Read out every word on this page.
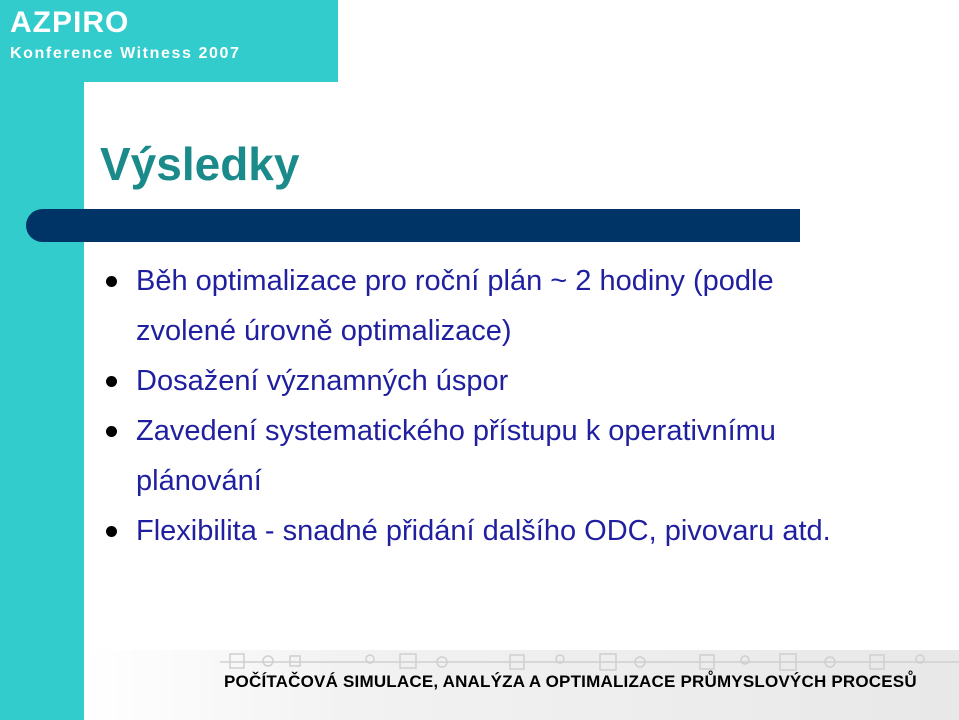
AZPIRO
Konference Witness 2007
Výsledky
Běh optimalizace pro roční plán ~ 2 hodiny (podle zvolené úrovně optimalizace)
Dosažení významných úspor
Zavedení systematického přístupu k operativnímu plánování
Flexibilita - snadné přidání dalšího ODC, pivovaru atd.
POČÍTAČOVÁ SIMULACE, ANALÝZA A OPTIMALIZACE PRŮMYSLOVÝCH PROCESŮ
